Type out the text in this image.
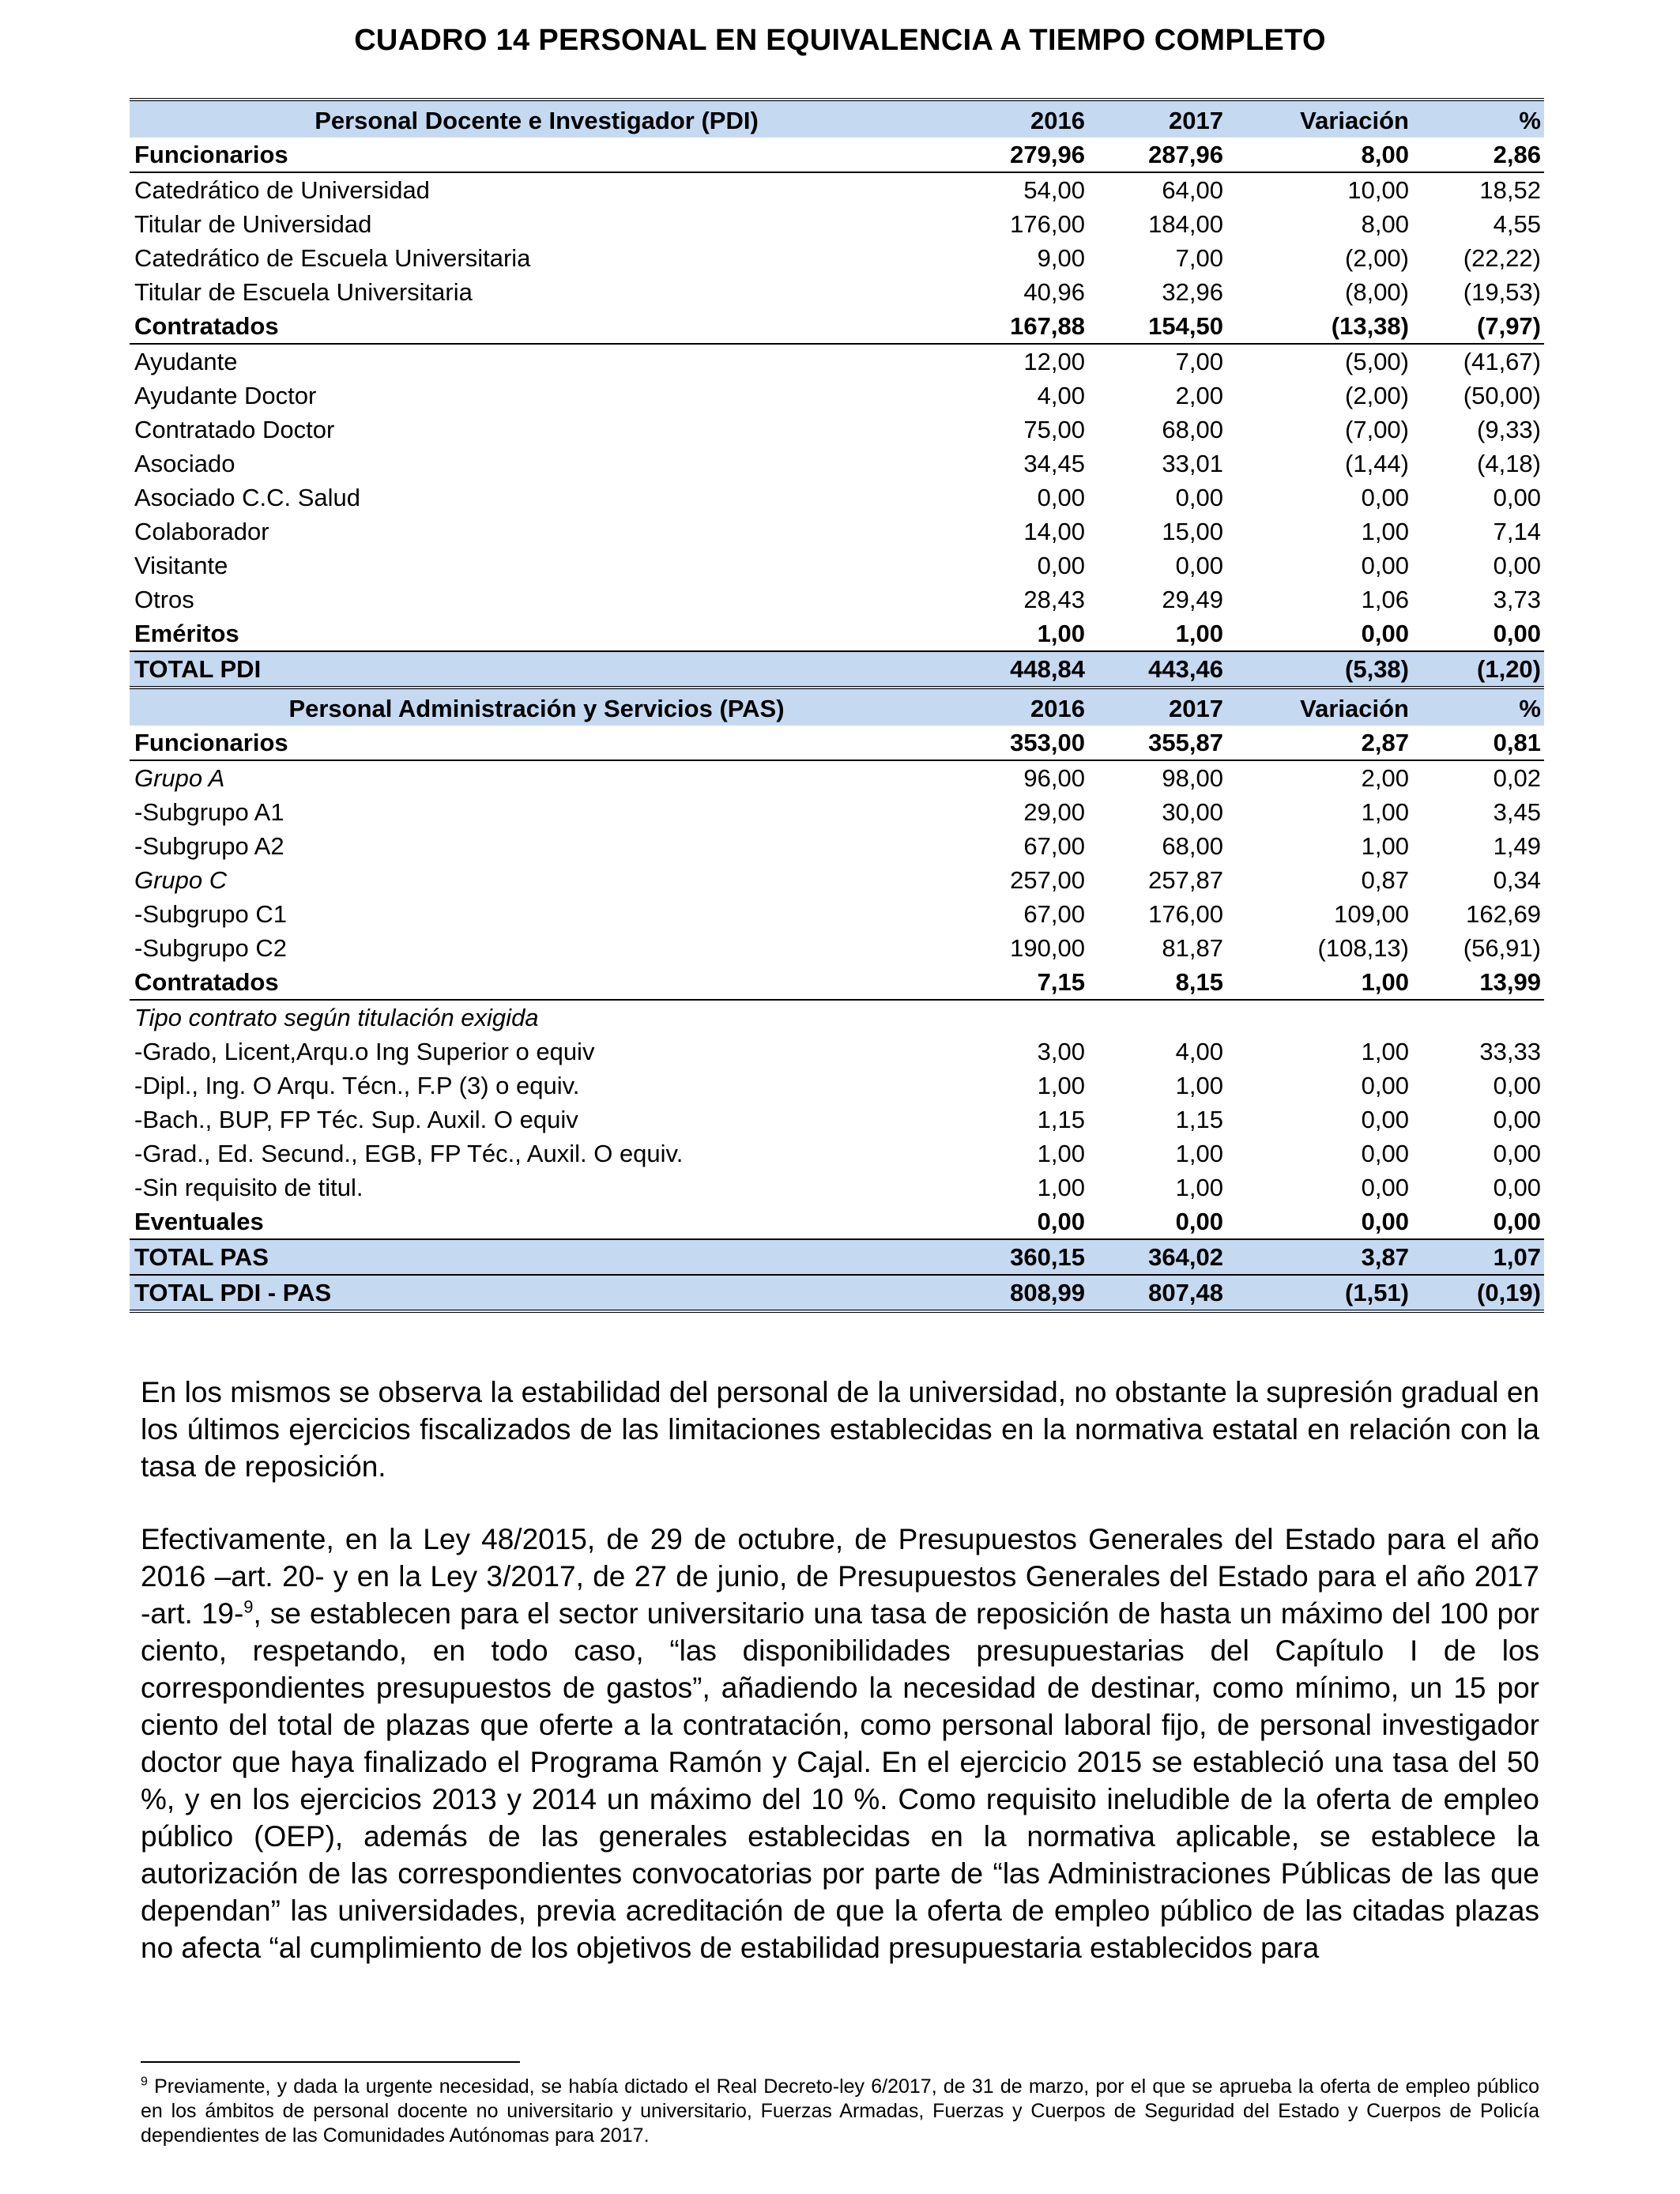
CUADRO 14 PERSONAL EN EQUIVALENCIA A TIEMPO COMPLETO
Personal Docente e Investigador (PDI)	2016	2017	Variación	%
Funcionarios	279,96	287,96	8,00	2,86
Catedrático de Universidad	54,00	64,00	10,00	18,52
Titular de Universidad	176,00	184,00	8,00	4,55
Catedrático de Escuela Universitaria	9,00	7,00	(2,00)	(22,22)
Titular de Escuela Universitaria	40,96	32,96	(8,00)	(19,53)
Contratados	167,88	154,50	(13,38)	(7,97)
Ayudante	12,00	7,00	(5,00)	(41,67)
Ayudante Doctor	4,00	2,00	(2,00)	(50,00)
Contratado Doctor	75,00	68,00	(7,00)	(9,33)
Asociado	34,45	33,01	(1,44)	(4,18)
Asociado C.C. Salud	0,00	0,00	0,00	0,00
Colaborador	14,00	15,00	1,00	7,14
Visitante	0,00	0,00	0,00	0,00
Otros	28,43	29,49	1,06	3,73
Eméritos	1,00	1,00	0,00	0,00
TOTAL PDI	448,84	443,46	(5,38)	(1,20)
Personal Administración y Servicios (PAS)	2016	2017	Variación	%
Funcionarios	353,00	355,87	2,87	0,81
Grupo A	96,00	98,00	2,00	0,02
-Subgrupo A1	29,00	30,00	1,00	3,45
-Subgrupo A2	67,00	68,00	1,00	1,49
Grupo C	257,00	257,87	0,87	0,34
-Subgrupo C1	67,00	176,00	109,00	162,69
-Subgrupo C2	190,00	81,87	(108,13)	(56,91)
Contratados	7,15	8,15	1,00	13,99
Tipo contrato según titulación exigida				
-Grado, Licent,Arqu.o Ing Superior o equiv	3,00	4,00	1,00	33,33
-Dipl., Ing. O Arqu. Técn., F.P (3) o equiv.	1,00	1,00	0,00	0,00
-Bach., BUP, FP Téc. Sup. Auxil. O equiv	1,15	1,15	0,00	0,00
-Grad., Ed. Secund., EGB, FP Téc., Auxil. O equiv.	1,00	1,00	0,00	0,00
-Sin requisito de titul.	1,00	1,00	0,00	0,00
Eventuales	0,00	0,00	0,00	0,00
TOTAL PAS	360,15	364,02	3,87	1,07
TOTAL PDI - PAS	808,99	807,48	(1,51)	(0,19)

En los mismos se observa la estabilidad del personal de la universidad, no obstante la supresión gradual en los últimos ejercicios fiscalizados de las limitaciones establecidas en la normativa estatal en relación con la tasa de reposición.

Efectivamente, en la Ley 48/2015, de 29 de octubre, de Presupuestos Generales del Estado para el año 2016 –art. 20- y en la Ley 3/2017, de 27 de junio, de Presupuestos Generales del Estado para el año 2017 -art. 19-$^9$, se establecen para el sector universitario una tasa de reposición de hasta un máximo del 100 por ciento, respetando, en todo caso, “las disponibilidades presupuestarias del Capítulo I de los correspondientes presupuestos de gastos”, añadiendo la necesidad de destinar, como mínimo, un 15 por ciento del total de plazas que oferte a la contratación, como personal laboral fijo, de personal investigador doctor que haya finalizado el Programa Ramón y Cajal. En el ejercicio 2015 se estableció una tasa del 50 %, y en los ejercicios 2013 y 2014 un máximo del 10 %. Como requisito ineludible de la oferta de empleo público (OEP), además de las generales establecidas en la normativa aplicable, se establece la autorización de las correspondientes convocatorias por parte de “las Administraciones Públicas de las que dependan” las universidades, previa acreditación de que la oferta de empleo público de las citadas plazas no afecta “al cumplimiento de los objetivos de estabilidad presupuestaria establecidos para

$^9$ Previamente, y dada la urgente necesidad, se había dictado el Real Decreto-ley 6/2017, de 31 de marzo, por el que se aprueba la oferta de empleo público en los ámbitos de personal docente no universitario y universitario, Fuerzas Armadas, Fuerzas y Cuerpos de Seguridad del Estado y Cuerpos de Policía dependientes de las Comunidades Autónomas para 2017.
